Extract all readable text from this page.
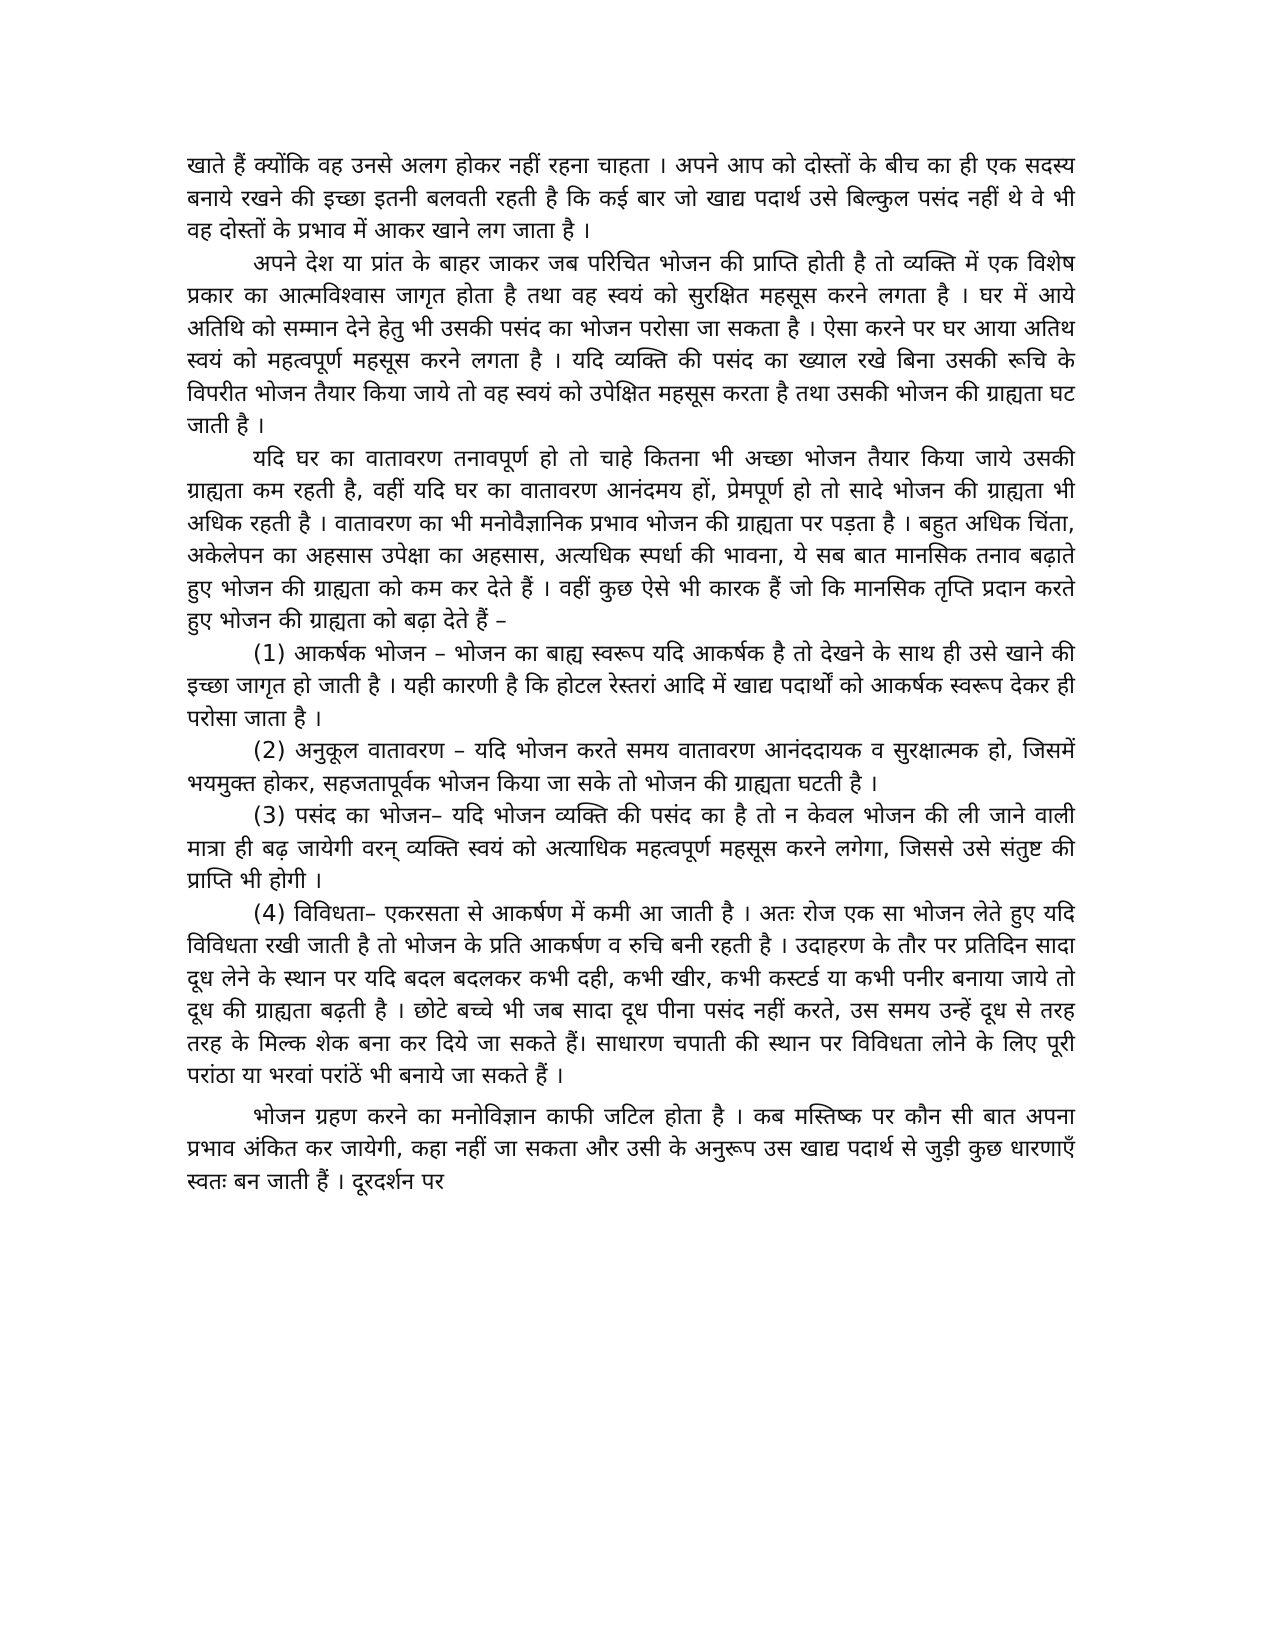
खाते हैं क्योंकि वह उनसे अलग होकर नहीं रहना चाहता । अपने आप को दोस्तों के बीच का ही एक सदस्य बनाये रखने की इच्छा इतनी बलवती रहती है कि कई बार जो खाद्य पदार्थ उसे बिल्कुल पसंद नहीं थे वे भी वह दोस्तों के प्रभाव में आकर खाने लग जाता है ।

अपने देश या प्रांत के बाहर जाकर जब परिचित भोजन की प्राप्ति होती है तो व्यक्ति में एक विशेष प्रकार का आत्मविश्वास जागृत होता है तथा वह स्वयं को सुरक्षित महसूस करने लगता है । घर में आये अतिथि को सम्मान देने हेतु भी उसकी पसंद का भोजन परोसा जा सकता है । ऐसा करने पर घर आया अतिथ स्वयं को महत्वपूर्ण महसूस करने लगता है । यदि व्यक्ति की पसंद का ख्याल रखे बिना उसकी रूचि के विपरीत भोजन तैयार किया जाये तो वह स्वयं को उपेक्षित महसूस करता है तथा उसकी भोजन की ग्राह्यता घट जाती है ।

यदि घर का वातावरण तनावपूर्ण हो तो चाहे कितना भी अच्छा भोजन तैयार किया जाये उसकी ग्राह्यता कम रहती है, वहीं यदि घर का वातावरण आनंदमय हों, प्रेमपूर्ण हो तो सादे भोजन की ग्राह्यता भी अधिक रहती है । वातावरण का भी मनोवैज्ञानिक प्रभाव भोजन की ग्राह्यता पर पड़ता है । बहुत अधिक चिंता, अकेलेपन का अहसास उपेक्षा का अहसास, अत्यधिक स्पर्धा की भावना, ये सब बात मानसिक तनाव बढ़ाते हुए भोजन की ग्राह्यता को कम कर देते हैं । वहीं कुछ ऐसे भी कारक हैं जो कि मानसिक तृप्ति प्रदान करते हुए भोजन की ग्राह्यता को बढ़ा देते हैं –

(1) आकर्षक भोजन – भोजन का बाह्य स्वरूप यदि आकर्षक है तो देखने के साथ ही उसे खाने की इच्छा जागृत हो जाती है । यही कारणी है कि होटल रेस्तरां आदि में खाद्य पदार्थों को आकर्षक स्वरूप देकर ही परोसा जाता है ।

(2) अनुकूल वातावरण – यदि भोजन करते समय वातावरण आनंददायक व सुरक्षात्मक हो, जिसमें भयमुक्त होकर, सहजतापूर्वक भोजन किया जा सके तो भोजन की ग्राह्यता घटती है ।

(3) पसंद का भोजन– यदि भोजन व्यक्ति की पसंद का है तो न केवल भोजन की ली जाने वाली मात्रा ही बढ़ जायेगी वरन् व्यक्ति स्वयं को अत्याधिक महत्वपूर्ण महसूस करने लगेगा, जिससे उसे संतुष्ट की प्राप्ति भी होगी ।

(4) विविधता– एकरसता से आकर्षण में कमी आ जाती है । अतः रोज एक सा भोजन लेते हुए यदि विविधता रखी जाती है तो भोजन के प्रति आकर्षण व रुचि बनी रहती है । उदाहरण के तौर पर प्रतिदिन सादा दूध लेने के स्थान पर यदि बदल बदलकर कभी दही, कभी खीर, कभी कस्टर्ड या कभी पनीर बनाया जाये तो दूध की ग्राह्यता बढ़ती है । छोटे बच्चे भी जब सादा दूध पीना पसंद नहीं करते, उस समय उन्हें दूध से तरह तरह के मिल्क शेक बना कर दिये जा सकते हैं। साधारण चपाती की स्थान पर विविधता लोने के लिए पूरी परांठा या भरवां परांठें भी बनाये जा सकते हैं ।

भोजन ग्रहण करने का मनोविज्ञान काफी जटिल होता है । कब मस्तिष्क पर कौन सी बात अपना प्रभाव अंकित कर जायेगी, कहा नहीं जा सकता और उसी के अनुरूप उस खाद्य पदार्थ से जुड़ी कुछ धारणाएँ स्वतः बन जाती हैं । दूरदर्शन पर
